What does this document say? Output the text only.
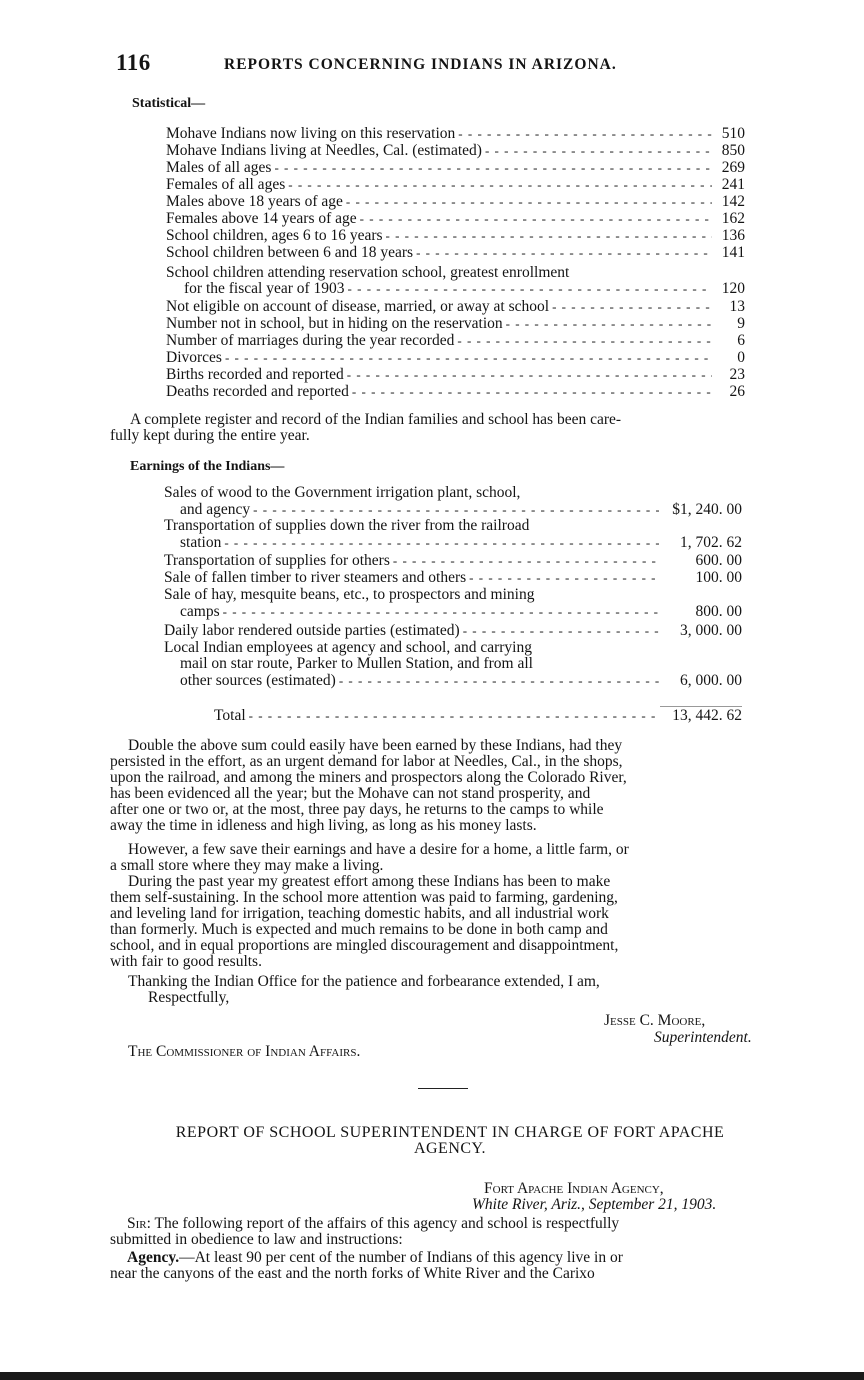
116	REPORTS CONCERNING INDIANS IN ARIZONA.
Statistical—
Mohave Indians now living on this reservation - - -	510
Mohave Indians living at Needles, Cal. (estimated) - - -	850
Males of all ages - - -	269
Females of all ages - - -	241
Males above 18 years of age - - -	142
Females above 14 years of age - - -	162
School children, ages 6 to 16 years - - -	136
School children between 6 and 18 years - - -	141
School children attending reservation school, greatest enrollment
for the fiscal year of 1903 - - -	120
Not eligible on account of disease, married, or away at school - - -	13
Number not in school, but in hiding on the reservation - - -	9
Number of marriages during the year recorded - - -	6
Divorces - - -	0
Births recorded and reported - - -	23
Deaths recorded and reported - - -	26
A complete register and record of the Indian families and school has been care-
fully kept during the entire year.
Earnings of the Indians—
Sales of wood to the Government irrigation plant, school,
and agency - - -	$1, 240. 00
Transportation of supplies down the river from the railroad
station - - -	1, 702. 62
Transportation of supplies for others - - -	600. 00
Sale of fallen timber to river steamers and others - - -	100. 00
Sale of hay, mesquite beans, etc., to prospectors and mining
camps - - -	800. 00
Daily labor rendered outside parties (estimated) - - -	3, 000. 00
Local Indian employees at agency and school, and carrying
mail on star route, Parker to Mullen Station, and from all
other sources (estimated) - - -	6, 000. 00
Total - - -	13, 442. 62
Double the above sum could easily have been earned by these Indians, had they
persisted in the effort, as an urgent demand for labor at Needles, Cal., in the shops,
upon the railroad, and among the miners and prospectors along the Colorado River,
has been evidenced all the year; but the Mohave can not stand prosperity, and
after one or two or, at the most, three pay days, he returns to the camps to while
away the time in idleness and high living, as long as his money lasts.
However, a few save their earnings and have a desire for a home, a little farm, or
a small store where they may make a living.
During the past year my greatest effort among these Indians has been to make
them self-sustaining. In the school more attention was paid to farming, gardening,
and leveling land for irrigation, teaching domestic habits, and all industrial work
than formerly. Much is expected and much remains to be done in both camp and
school, and in equal proportions are mingled discouragement and disappointment,
with fair to good results.
Thanking the Indian Office for the patience and forbearance extended, I am,
Respectfully,
Jesse C. Moore,
Superintendent.
The Commissioner of Indian Affairs.
REPORT OF SCHOOL SUPERINTENDENT IN CHARGE OF FORT APACHE
AGENCY.
Fort Apache Indian Agency,
White River, Ariz., September 21, 1903.
Sir: The following report of the affairs of this agency and school is respectfully
submitted in obedience to law and instructions:
Agency.—At least 90 per cent of the number of Indians of this agency live in or
near the canyons of the east and the north forks of White River and the Carixo
